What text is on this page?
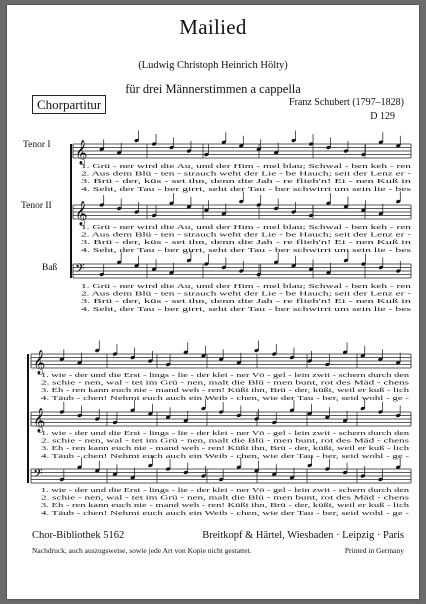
Mailied
(Ludwig Christoph Heinrich Hölty)
für drei Männerstimmen a cappella
Chorpartitur	Franz Schubert (1797–1828)
D 129
Tenor I
Tenor II
Baß
𝄞
1. Grü - ner wird die Au, und der Him - mel blau; Schwal - ben keh - ren
2. Aus dem Blü - ten - strauch weht der Lie - be Hauch; seit der Lenz er -
3. Brü - der, küs - set ihn, denn die Jah - re flieh'n! Ei - nen Kuß in
4. Seht, der Tau - ber girrt, seht der Tau - ber schwirrt um sein lie - bes
𝄞
1. Grü - ner wird die Au, und der Him - mel blau; Schwal - ben keh - ren
2. Aus dem Blü - ten - strauch weht der Lie - be Hauch; seit der Lenz er -
3. Brü - der, küs - set ihn, denn die Jah - re flieh'n! Ei - nen Kuß in
4. Seht, der Tau - ber girrt, seht der Tau - ber schwirrt um sein lie - bes
𝄢
1. Grü - ner wird die Au, und der Him - mel blau; Schwal - ben keh - ren
2. Aus dem Blü - ten - strauch weht der Lie - be Hauch; seit der Lenz er -
3. Brü - der, küs - set ihn, denn die Jah - re flieh'n! Ei - nen Kuß in
4. Seht, der Tau - ber girrt, seht der Tau - ber schwirrt um sein lie - bes
𝄞
1. wie - der und die Erst - lings - lie - der klei - ner Vö - gel - lein zwit - schern durch den
2. schie - nen, wal - tet im Grü - nen, malt die Blü - men bunt, rot des Mäd - chens
3. Eh - ren kann euch nie - mand weh - ren! Küßt ihn, Brü - der, küßt, weil er kuß - lich
4. Täub - chen! Nehmt euch auch ein Weib - chen, wie der Tau - ber, seid wohl - ge -
𝄞
1. wie - der und die Erst - lings - lie - der klei - ner Vö - gel - lein zwit - schern durch den
2. schie - nen, wal - tet im Grü - nen, malt die Blü - men bunt, rot des Mäd - chens
3. Eh - ren kann euch nie - mand weh - ren! Küßt ihn, Brü - der, küßt, weil er kuß - lich
4. Täub - chen! Nehmt euch auch ein Weib - chen, wie der Tau - ber, seid wohl - ge -
𝄢
1. wie - der und die Erst - lings - lie - der klei - ner Vö - gel - lein zwit - schern durch den
2. schie - nen, wal - tet im Grü - nen, malt die Blü - men bunt, rot des Mäd - chens
3. Eh - ren kann euch nie - mand weh - ren! Küßt ihn, Brü - der, küßt, weil er kuß - lich
4. Täub - chen! Nehmt euch auch ein Weib - chen, wie der Tau - ber, seid wohl - ge -
Chor-Bibliothek 5162
Nachdruck, auch auszugsweise, sowie jede Art von Kopie nicht gestattet.
Breitkopf & Härtel, Wiesbaden · Leipzig · Paris
Printed in Germany
